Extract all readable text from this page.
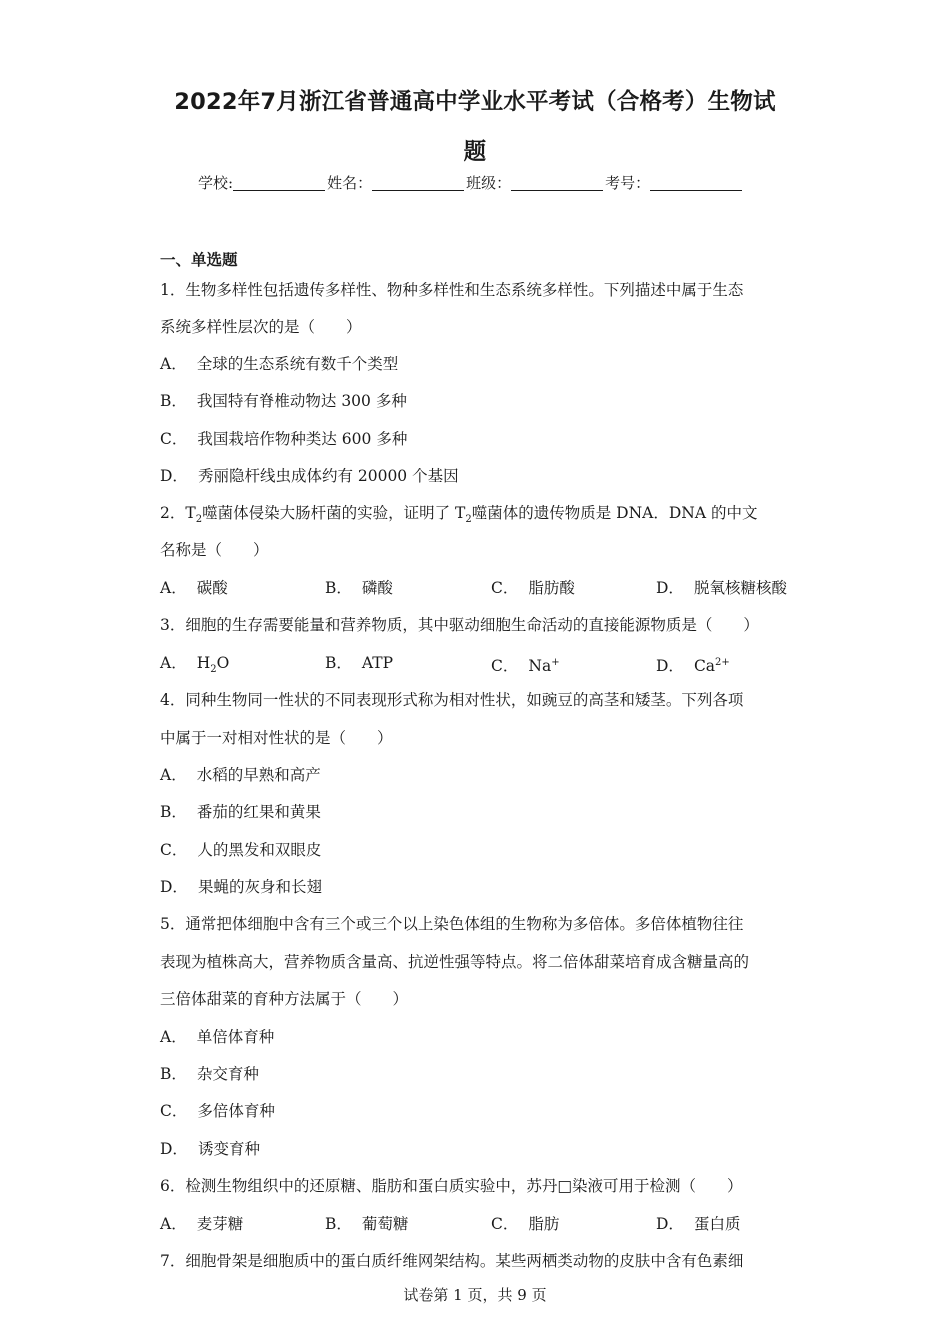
2022年7月浙江省普通高中学业水平考试（合格考）生物试
题
学校:	姓名：	班级：	考号：
一、单选题
1．生物多样性包括遗传多样性、物种多样性和生态系统多样性。下列描述中属于生态
系统多样性层次的是（　　）
A． 全球的生态系统有数千个类型
B． 我国特有脊椎动物达 300 多种
C． 我国栽培作物种类达 600 多种
D． 秀丽隐杆线虫成体约有 20000 个基因
2．$T_2$噬菌体侵染大肠杆菌的实验，证明了 $T_2$噬菌体的遗传物质是 DNA．DNA 的中文
名称是（　　）
A． 碳酸	B． 磷酸	C． 脂肪酸	D． 脱氧核糖核酸
3．细胞的生存需要能量和营养物质，其中驱动细胞生命活动的直接能源物质是（　　）
A． $H_2O$	B． ATP	C． Na+	D． $Ca^{2+}$
4．同种生物同一性状的不同表现形式称为相对性状，如豌豆的高茎和矮茎。下列各项
中属于一对相对性状的是（　　）
A． 水稻的早熟和高产
B． 番茄的红果和黄果
C． 人的黑发和双眼皮
D． 果蝇的灰身和长翅
5．通常把体细胞中含有三个或三个以上染色体组的生物称为多倍体。多倍体植物往往
表现为植株高大，营养物质含量高、抗逆性强等特点。将二倍体甜菜培育成含糖量高的
三倍体甜菜的育种方法属于（　　）
A． 单倍体育种
B． 杂交育种
C． 多倍体育种
D． 诱变育种
6．检测生物组织中的还原糖、脂肪和蛋白质实验中，苏丹□染液可用于检测（　　）
A． 麦芽糖	B． 葡萄糖	C． 脂肪	D． 蛋白质
7．细胞骨架是细胞质中的蛋白质纤维网架结构。某些两栖类动物的皮肤中含有色素细
试卷第 1 页，共 9 页
